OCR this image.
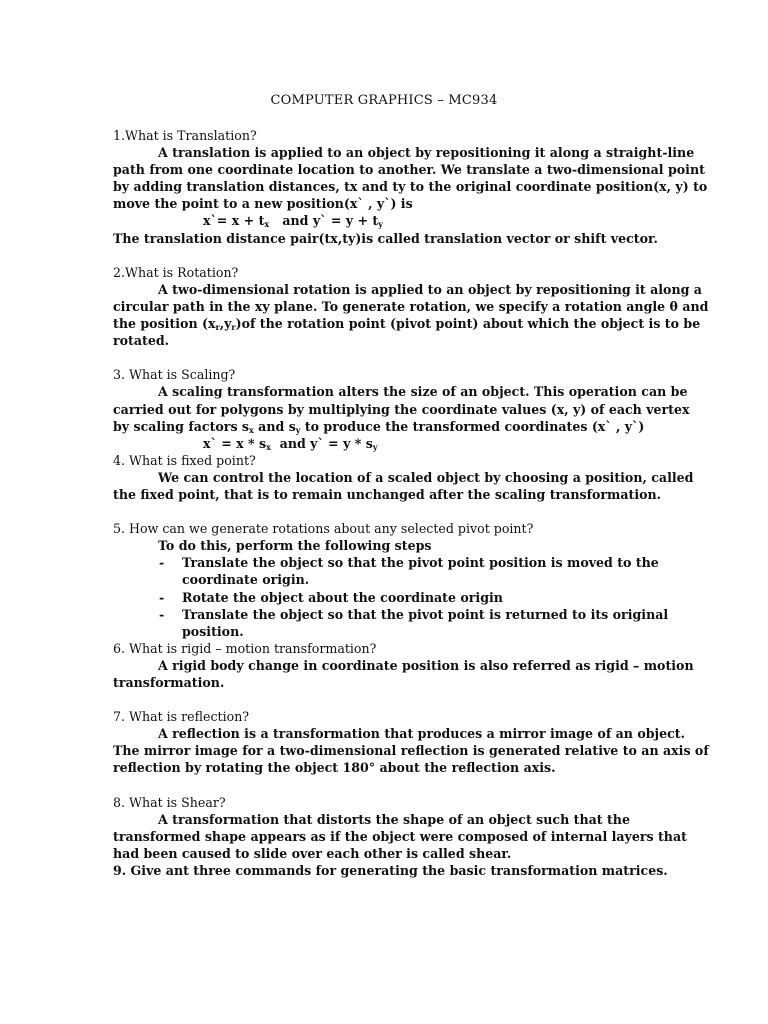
COMPUTER GRAPHICS – MC934

1.What is Translation?

A translation is applied to an object by repositioning it along a straight-line

path from one coordinate location to another. We translate a two-dimensional point

by adding translation distances, tx and ty to the original coordinate position(x, y) to

move the point to a new position(x` , y`) is

x`= $x + t_x$ and y` = $y + t_y$

The translation distance pair(tx,ty)is called translation vector or shift vector.

2.What is Rotation?

A two-dimensional rotation is applied to an object by repositioning it along a

circular path in the xy plane. To generate rotation, we specify a rotation angle θ and

the position $(x_r,y_r)of$ the rotation point (pivot point) about which the object is to be

rotated.

3. What is Scaling?

A scaling transformation alters the size of an object. This operation can be

carried out for polygons by multiplying the coordinate values (x, y) of each vertex

by scaling factors $s_x$ and $s_y$ to produce the transformed coordinates (x` , y`)

x` = x * $s_x$ and y` = y * $s_y$

4. What is fixed point?

We can control the location of a scaled object by choosing a position, called

the fixed point, that is to remain unchanged after the scaling transformation.

5. How can we generate rotations about any selected pivot point?

To do this, perform the following steps

-	Translate the object so that the pivot point position is moved to the

coordinate origin.

-	Rotate the object about the coordinate origin
-	Translate the object so that the pivot point is returned to its original

position.

6. What is rigid – motion transformation?

A rigid body change in coordinate position is also referred as rigid – motion

transformation.

7. What is reflection?

A reflection is a transformation that produces a mirror image of an object.

The mirror image for a two-dimensional reflection is generated relative to an axis of

reflection by rotating the object 180° about the reflection axis.

8. What is Shear?

A transformation that distorts the shape of an object such that the

transformed shape appears as if the object were composed of internal layers that

had been caused to slide over each other is called shear.

9. Give ant three commands for generating the basic transformation matrices.
